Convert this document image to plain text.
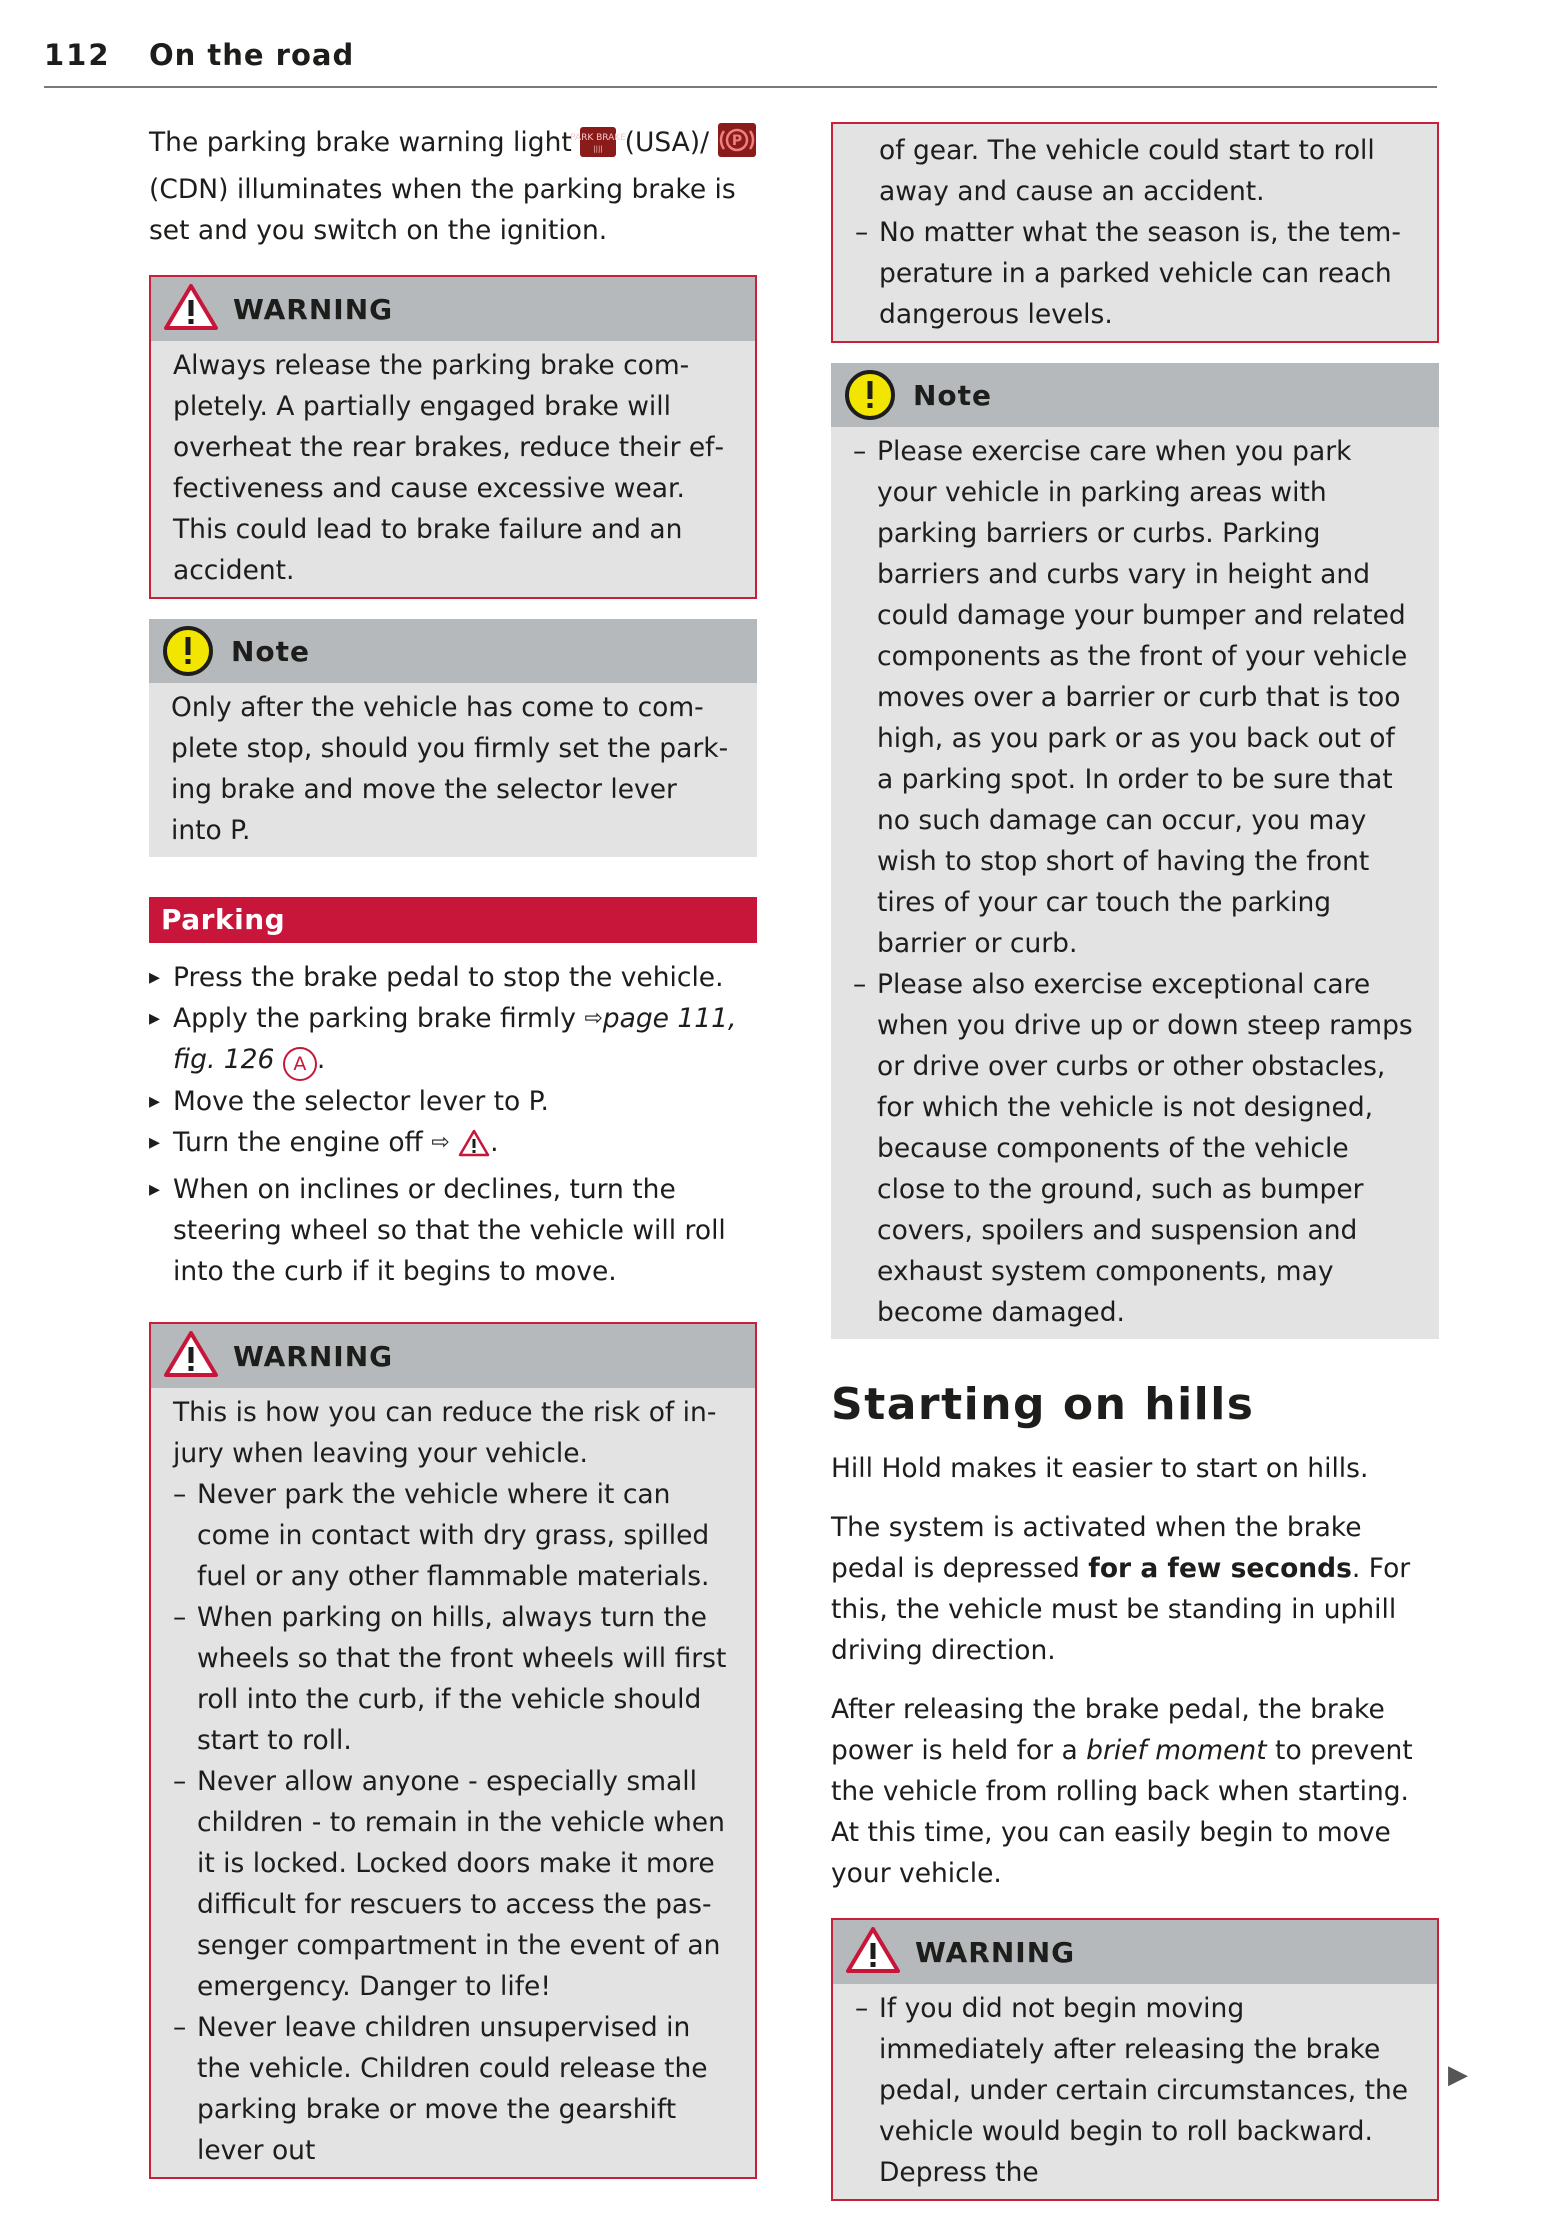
112 On the road

The parking brake warning light
PARK BRAKE
|||| (USA)/ P

(CDN) illuminates when the parking brake is set and you switch on the ignition.

WARNING

Always release the parking brake completely. A partially engaged brake will overheat the rear brakes, reduce their effectiveness and cause excessive wear. This could lead to brake failure and an accident.

Note

Only after the vehicle has come to complete stop, should you firmly set the parking brake and move the selector lever into P.

Parking
▸ Press the brake pedal to stop the vehicle.
▸ Apply the parking brake firmly ⇨page 111, fig. 126 A .
▸ Move the selector lever to P.
▸ Turn the engine off ⇨ .
▸ When on inclines or declines, turn the steering wheel so that the vehicle will roll into the curb if it begins to move.
WARNING

This is how you can reduce the risk of injury when leaving your vehicle.

– Never park the vehicle where it can come in contact with dry grass, spilled fuel or any other flammable materials.

– When parking on hills, always turn the wheels so that the front wheels will first roll into the curb, if the vehicle should start to roll.

– Never allow anyone - especially small children - to remain in the vehicle when it is locked. Locked doors make it more difficult for rescuers to access the passenger compartment in the event of an emergency. Danger to life!

– Never leave children unsupervised in the vehicle. Children could release the parking brake or move the gearshift lever out

of gear. The vehicle could start to roll away and cause an accident.

– No matter what the season is, the temperature in a parked vehicle can reach dangerous levels.

Note

– Please exercise care when you park your vehicle in parking areas with parking barriers or curbs. Parking barriers and curbs vary in height and could damage your bumper and related components as the front of your vehicle moves over a barrier or curb that is too high, as you park or as you back out of a parking spot. In order to be sure that no such damage can occur, you may wish to stop short of having the front tires of your car touch the parking barrier or curb.

– Please also exercise exceptional care when you drive up or down steep ramps or drive over curbs or other obstacles, for which the vehicle is not designed, because components of the vehicle close to the ground, such as bumper covers, spoilers and suspension and exhaust system components, may become damaged.

Starting on hills

Hill Hold makes it easier to start on hills.

The system is activated when the brake pedal is depressed for a few seconds. For this, the vehicle must be standing in uphill driving direction.

After releasing the brake pedal, the brake power is held for a brief moment to prevent the vehicle from rolling back when starting. At this time, you can easily begin to move your vehicle.

WARNING

– If you did not begin moving immediately after releasing the brake pedal, under certain circumstances, the vehicle would begin to roll backward. Depress the

▶
